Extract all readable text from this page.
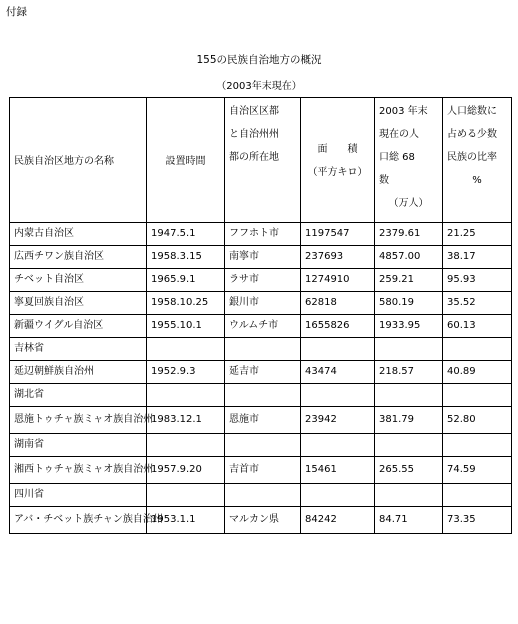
付録
155の民族自治地方の概況
（2003年末現在）
民族自治区地方の名称	設置時間	自治区区都
と自治州州
都の所在地	面　　積
（平方キロ）	2003 年末
現在の人
口総 68
数
（万人）	人口総数に
占める少数
民族の比率
%

内蒙古自治区	1947.5.1	フフホト市	1197547	2379.61	21.25
広西チワン族自治区	1958.3.15	南寧市	237693	4857.00	38.17
チベット自治区	1965.9.1	ラサ市	1274910	259.21	95.93
寧夏回族自治区	1958.10.25	銀川市	62818	580.19	35.52
新疆ウイグル自治区	1955.10.1	ウルムチ市	1655826	1933.95	60.13
吉林省					
延辺朝鮮族自治州	1952.9.3	延吉市	43474	218.57	40.89
湖北省					
恩施トゥチャ族ミャオ族自治州	1983.12.1	恩施市	23942	381.79	52.80
湖南省					
湘西トゥチャ族ミャオ族自治州	1957.9.20	吉首市	15461	265.55	74.59
四川省					
アバ・チベット族チャン族自治州	1953.1.1	マルカン県	84242	84.71	73.35
